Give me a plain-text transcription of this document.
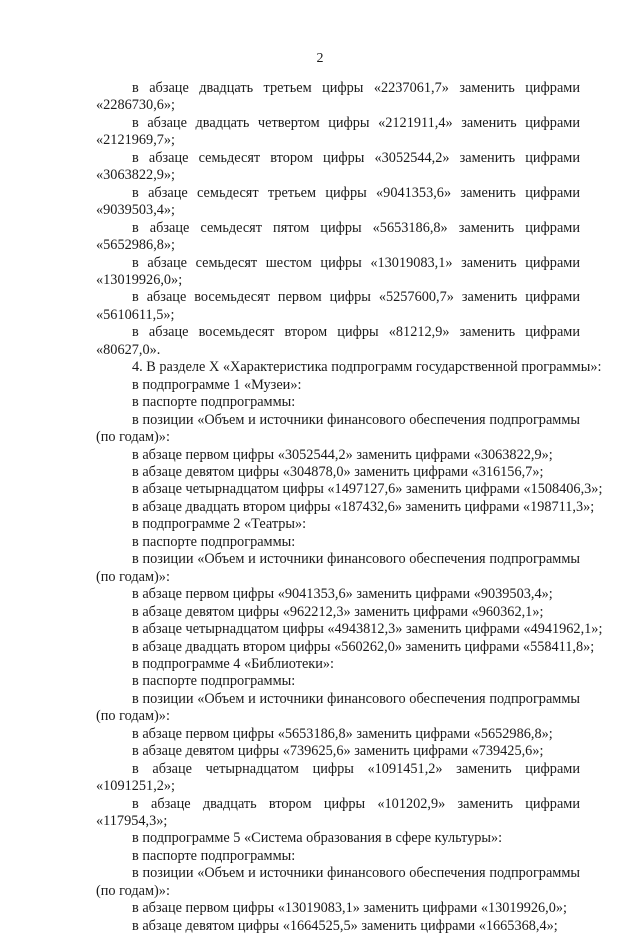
2
в абзаце двадцать третьем цифры «2237061,7» заменить цифрами
«2286730,6»;
в абзаце двадцать четвертом цифры «2121911,4» заменить цифрами
«2121969,7»;
в абзаце семьдесят втором цифры «3052544,2» заменить цифрами
«3063822,9»;
в абзаце семьдесят третьем цифры «9041353,6» заменить цифрами
«9039503,4»;
в абзаце семьдесят пятом цифры «5653186,8» заменить цифрами
«5652986,8»;
в абзаце семьдесят шестом цифры «13019083,1» заменить цифрами
«13019926,0»;
в абзаце восемьдесят первом цифры «5257600,7» заменить цифрами
«5610611,5»;
в абзаце восемьдесят втором цифры «81212,9» заменить цифрами
«80627,0».
4. В разделе X «Характеристика подпрограмм государственной программы»:
в подпрограмме 1 «Музеи»:
в паспорте подпрограммы:
в позиции «Объем и источники финансового обеспечения подпрограммы
(по годам)»:
в абзаце первом цифры «3052544,2» заменить цифрами «3063822,9»;
в абзаце девятом цифры «304878,0» заменить цифрами «316156,7»;
в абзаце четырнадцатом цифры «1497127,6» заменить цифрами «1508406,3»;
в абзаце двадцать втором цифры «187432,6» заменить цифрами «198711,3»;
в подпрограмме 2 «Театры»:
в паспорте подпрограммы:
в позиции «Объем и источники финансового обеспечения подпрограммы
(по годам)»:
в абзаце первом цифры «9041353,6» заменить цифрами «9039503,4»;
в абзаце девятом цифры «962212,3» заменить цифрами «960362,1»;
в абзаце четырнадцатом цифры «4943812,3» заменить цифрами «4941962,1»;
в абзаце двадцать втором цифры «560262,0» заменить цифрами «558411,8»;
в подпрограмме 4 «Библиотеки»:
в паспорте подпрограммы:
в позиции «Объем и источники финансового обеспечения подпрограммы
(по годам)»:
в абзаце первом цифры «5653186,8» заменить цифрами «5652986,8»;
в абзаце девятом цифры «739625,6» заменить цифрами «739425,6»;
в абзаце четырнадцатом цифры «1091451,2» заменить цифрами
«1091251,2»;
в абзаце двадцать втором цифры «101202,9» заменить цифрами
«117954,3»;
в подпрограмме 5 «Система образования в сфере культуры»:
в паспорте подпрограммы:
в позиции «Объем и источники финансового обеспечения подпрограммы
(по годам)»:
в абзаце первом цифры «13019083,1» заменить цифрами «13019926,0»;
в абзаце девятом цифры «1664525,5» заменить цифрами «1665368,4»;
